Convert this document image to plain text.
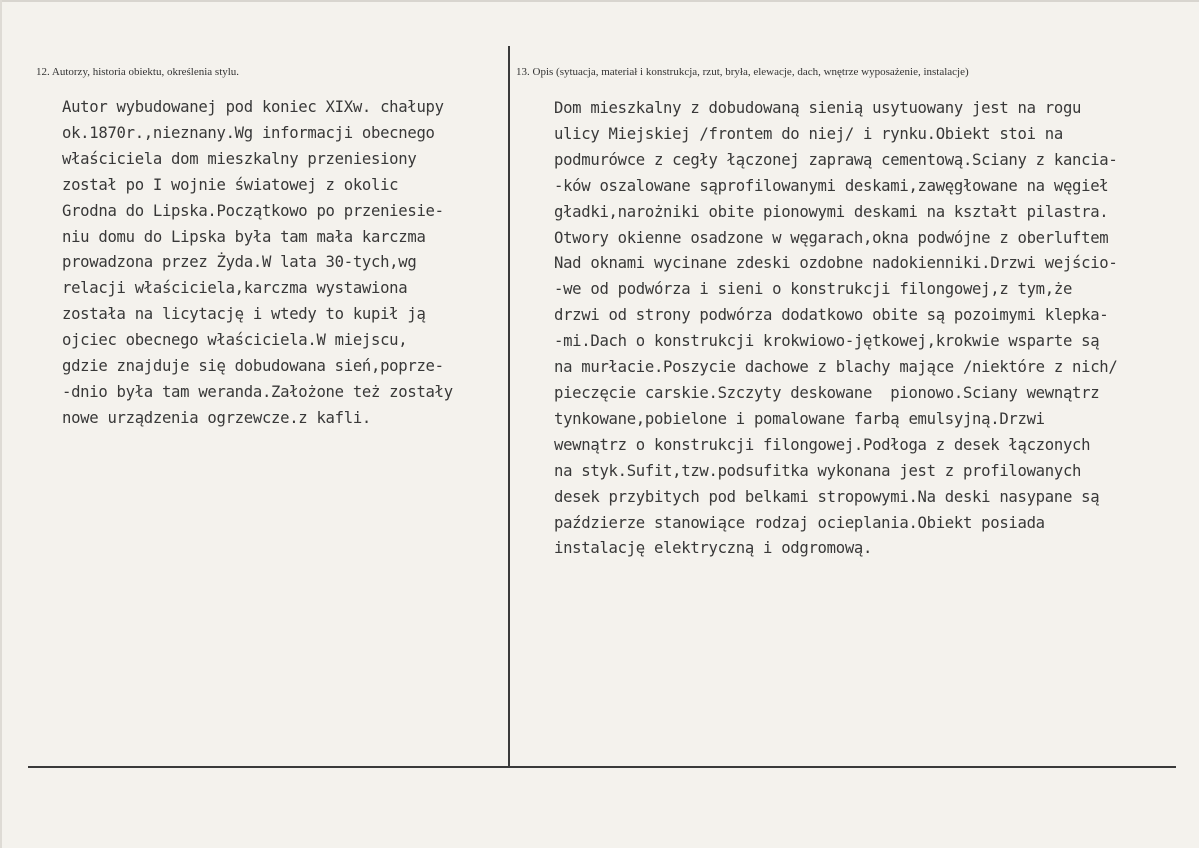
12. Autorzy, historia obiektu, określenia stylu.	13. Opis (sytuacja, materiał i konstrukcja, rzut, bryła, elewacje, dach, wnętrze wyposażenie, instalacje)
Autor wybudowanej pod koniec XIXw. chałupy
ok.1870r.,nieznany.Wg informacji obecnego
właściciela dom mieszkalny przeniesiony
został po I wojnie światowej z okolic
Grodna do Lipska.Początkowo po przeniesie-
niu domu do Lipska była tam mała karczma
prowadzona przez Żyda.W lata 30-tych,wg
relacji właściciela,karczma wystawiona
została na licytację i wtedy to kupił ją
ojciec obecnego właściciela.W miejscu,
gdzie znajduje się dobudowana sień,poprze-
-dnio była tam weranda.Założone też zostały
nowe urządzenia ogrzewcze.z kafli.
Dom mieszkalny z dobudowaną sienią usytuowany jest na rogu
ulicy Miejskiej /frontem do niej/ i rynku.Obiekt stoi na
podmurówce z cegły łączonej zaprawą cementową.Sciany z kancia-
-ków oszalowane sąprofilowanymi deskami,zawęgłowane na węgieł
gładki,narożniki obite pionowymi deskami na kształt pilastra.
Otwory okienne osadzone w węgarach,okna podwójne z oberluftem
Nad oknami wycinane zdeski ozdobne nadokienniki.Drzwi wejścio-
-we od podwórza i sieni o konstrukcji filongowej,z tym,że
drzwi od strony podwórza dodatkowo obite są pozoimymi klepka-
-mi.Dach o konstrukcji krokwiowo-jętkowej,krokwie wsparte są
na murłacie.Poszycie dachowe z blachy mające /niektóre z nich/
pieczęcie carskie.Szczyty deskowane  pionowo.Sciany wewnątrz
tynkowane,pobielone i pomalowane farbą emulsyjną.Drzwi
wewnątrz o konstrukcji filongowej.Podłoga z desek łączonych
na styk.Sufit,tzw.podsufitka wykonana jest z profilowanych
desek przybitych pod belkami stropowymi.Na deski nasypane są
paździerze stanowiące rodzaj ocieplania.Obiekt posiada
instalację elektryczną i odgromową.
